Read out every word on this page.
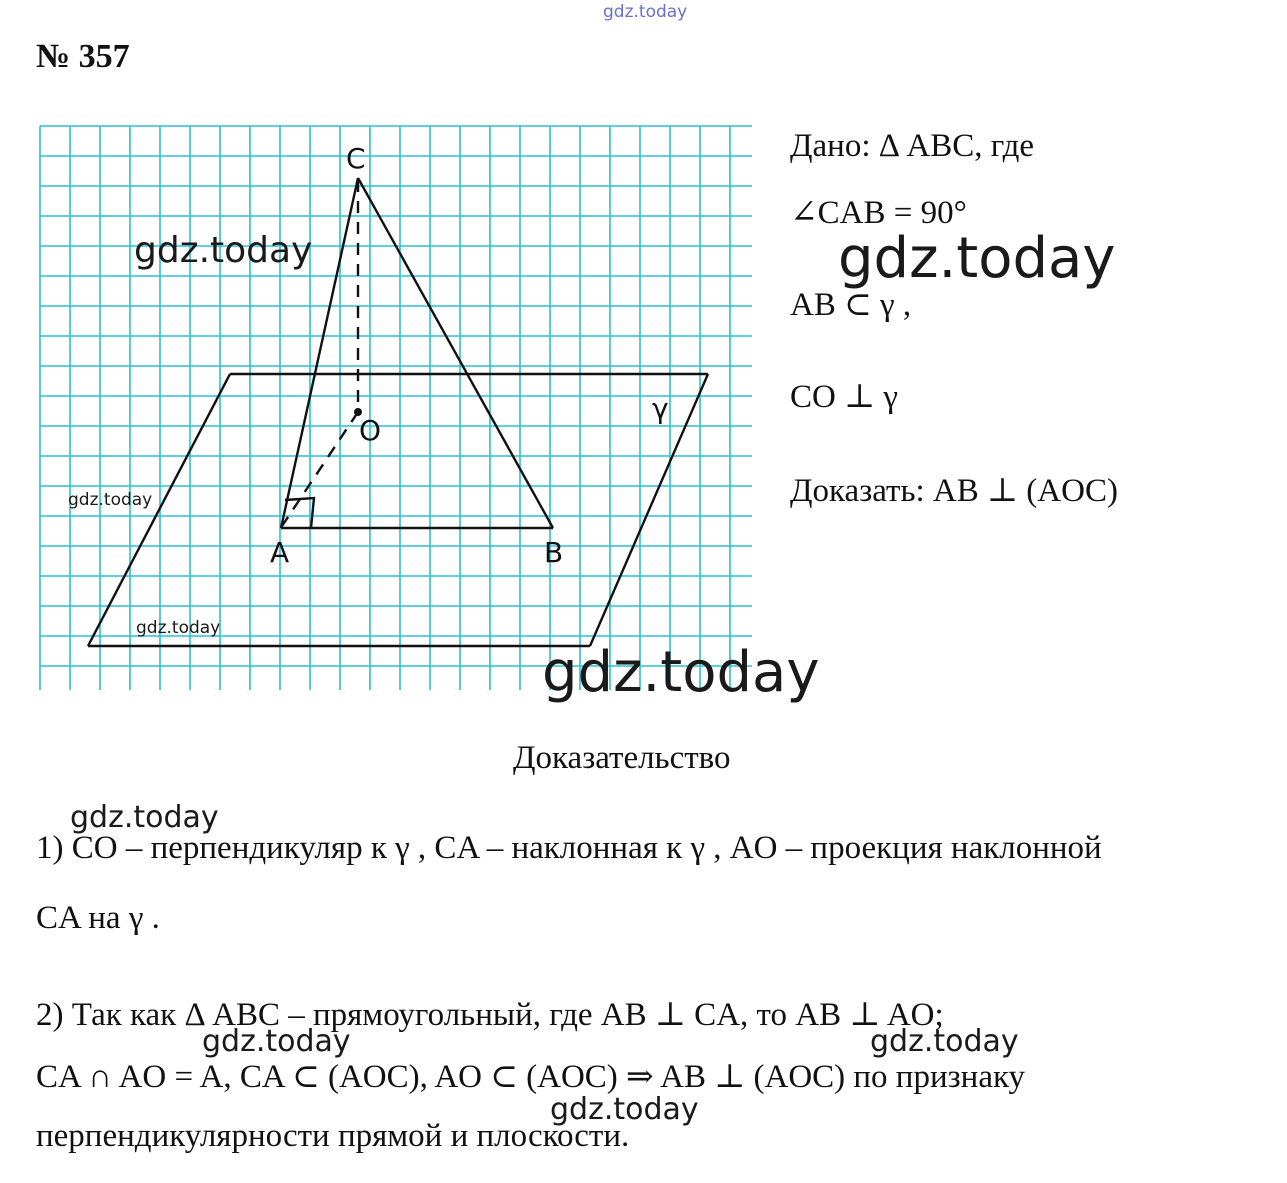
gdz.today
№ 357
C
O
A	B
γ
gdz.today
gdz.today
gdz.today
gdz.today
Дано: Δ ABC, где
∠CAB = 90°
gdz.today
AB ⊂ γ ,
CO ⊥ γ
Доказать: AB ⊥ (AOC)
Доказательство
gdz.today
1) CO – перпендикуляр к γ , CA – наклонная к γ , AO – проекция наклонной
CA на γ .
2) Так как Δ ABC – прямоугольный, где AB ⊥ CA, то AB ⊥ AO;
gdz.today	gdz.today
CA ∩ AO = A, CA ⊂ (AOC), AO ⊂ (AOC) ⇒ AB ⊥ (AOC) по признаку
gdz.today
перпендикулярности прямой и плоскости.
